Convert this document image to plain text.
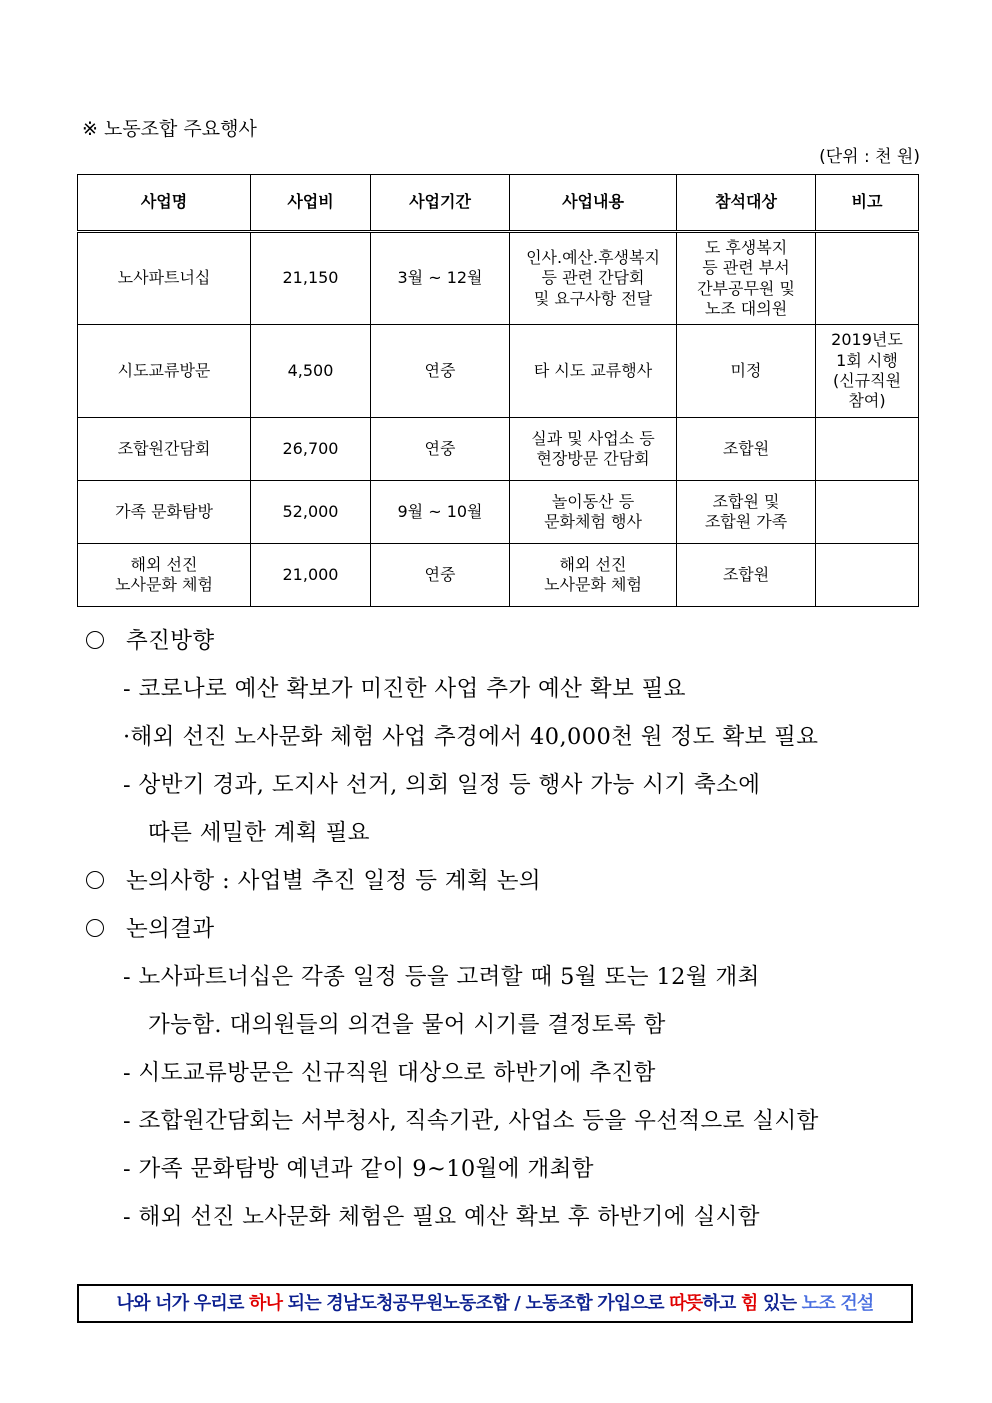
※ 노동조합 주요행사
(단위 : 천 원)
사업명	사업비	사업기간	사업내용	참석대상	비고

노사파트너십	21,150	3월 ~ 12월	인사.예산.후생복지
등 관련 간담회
및 요구사항 전달	도 후생복지
등 관련 부서
간부공무원 및
노조 대의원	

시도교류방문	4,500	연중	타 시도 교류행사	미정	2019년도
1회 시행
(신규직원
참여)

조합원간담회	26,700	연중	실과 및 사업소 등
현장방문 간담회	조합원	

가족 문화탐방	52,000	9월 ~ 10월	놀이동산 등
문화체험 행사	조합원 및
조합원 가족	

해외 선진
노사문화 체험	21,000	연중	해외 선진
노사문화 체험	조합원	

추진방향
- 코로나로 예산 확보가 미진한 사업 추가 예산 확보 필요
·해외 선진 노사문화 체험 사업 추경에서 40,000천 원 정도 확보 필요
- 상반기 경과, 도지사 선거, 의회 일정 등 행사 가능 시기 축소에
따른 세밀한 계획 필요
논의사항 : 사업별 추진 일정 등 계획 논의
논의결과
- 노사파트너십은 각종 일정 등을 고려할 때 5월 또는 12월 개최
가능함. 대의원들의 의견을 물어 시기를 결정토록 함
- 시도교류방문은 신규직원 대상으로 하반기에 추진함
- 조합원간담회는 서부청사, 직속기관, 사업소 등을 우선적으로 실시함
- 가족 문화탐방 예년과 같이 9~10월에 개최함
- 해외 선진 노사문화 체험은 필요 예산 확보 후 하반기에 실시함
나와 너가 우리로 하나 되는 경남도청공무원노동조합 / 노동조합 가입으로 따뜻하고 힘 있는 노조 건설
